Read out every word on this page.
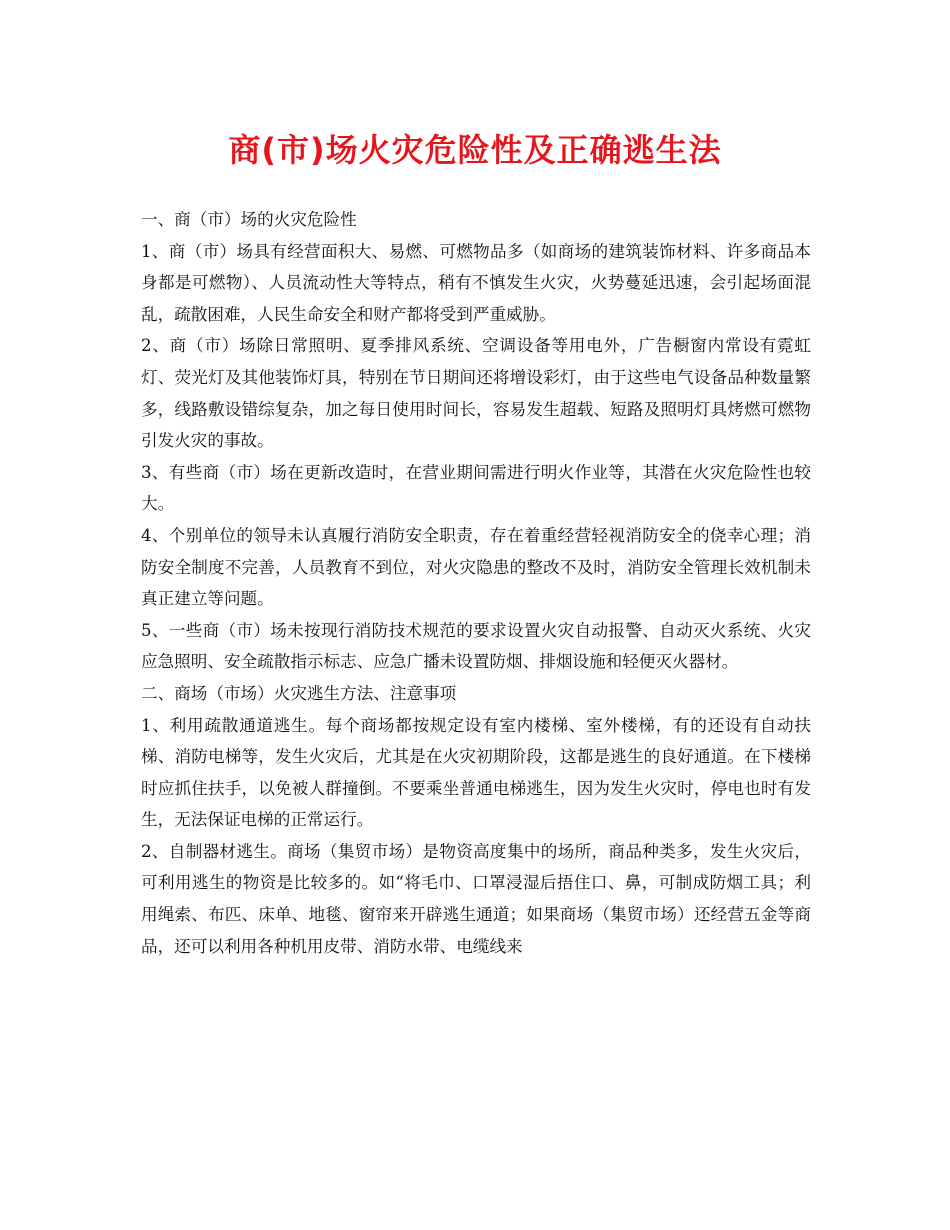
商(市)场火灾危险性及正确逃生法

一、商（市）场的火灾危险性

1、商（市）场具有经营面积大、易燃、可燃物品多（如商场的建筑装饰材料、许多商品本身都是可燃物）、人员流动性大等特点，稍有不慎发生火灾，火势蔓延迅速，会引起场面混乱，疏散困难，人民生命安全和财产都将受到严重威胁。

2、商（市）场除日常照明、夏季排风系统、空调设备等用电外，广告橱窗内常设有霓虹灯、荧光灯及其他装饰灯具，特别在节日期间还将增设彩灯，由于这些电气设备品种数量繁多，线路敷设错综复杂，加之每日使用时间长，容易发生超载、短路及照明灯具烤燃可燃物引发火灾的事故。

3、有些商（市）场在更新改造时，在营业期间需进行明火作业等，其潜在火灾危险性也较大。

4、个别单位的领导未认真履行消防安全职责，存在着重经营轻视消防安全的侥幸心理；消防安全制度不完善，人员教育不到位，对火灾隐患的整改不及时，消防安全管理长效机制未真正建立等问题。

5、一些商（市）场未按现行消防技术规范的要求设置火灾自动报警、自动灭火系统、火灾应急照明、安全疏散指示标志、应急广播未设置防烟、排烟设施和轻便灭火器材。

二、商场（市场）火灾逃生方法、注意事项

1、利用疏散通道逃生。每个商场都按规定设有室内楼梯、室外楼梯，有的还设有自动扶梯、消防电梯等，发生火灾后，尤其是在火灾初期阶段，这都是逃生的良好通道。在下楼梯时应抓住扶手，以免被人群撞倒。不要乘坐普通电梯逃生，因为发生火灾时，停电也时有发生，无法保证电梯的正常运行。

2、自制器材逃生。商场（集贸市场）是物资高度集中的场所，商品种类多，发生火灾后，可利用逃生的物资是比较多的。如“将毛巾、口罩浸湿后捂住口、鼻，可制成防烟工具；利用绳索、布匹、床单、地毯、窗帘来开辟逃生通道；如果商场（集贸市场）还经营五金等商品，还可以利用各种机用皮带、消防水带、电缆线来
